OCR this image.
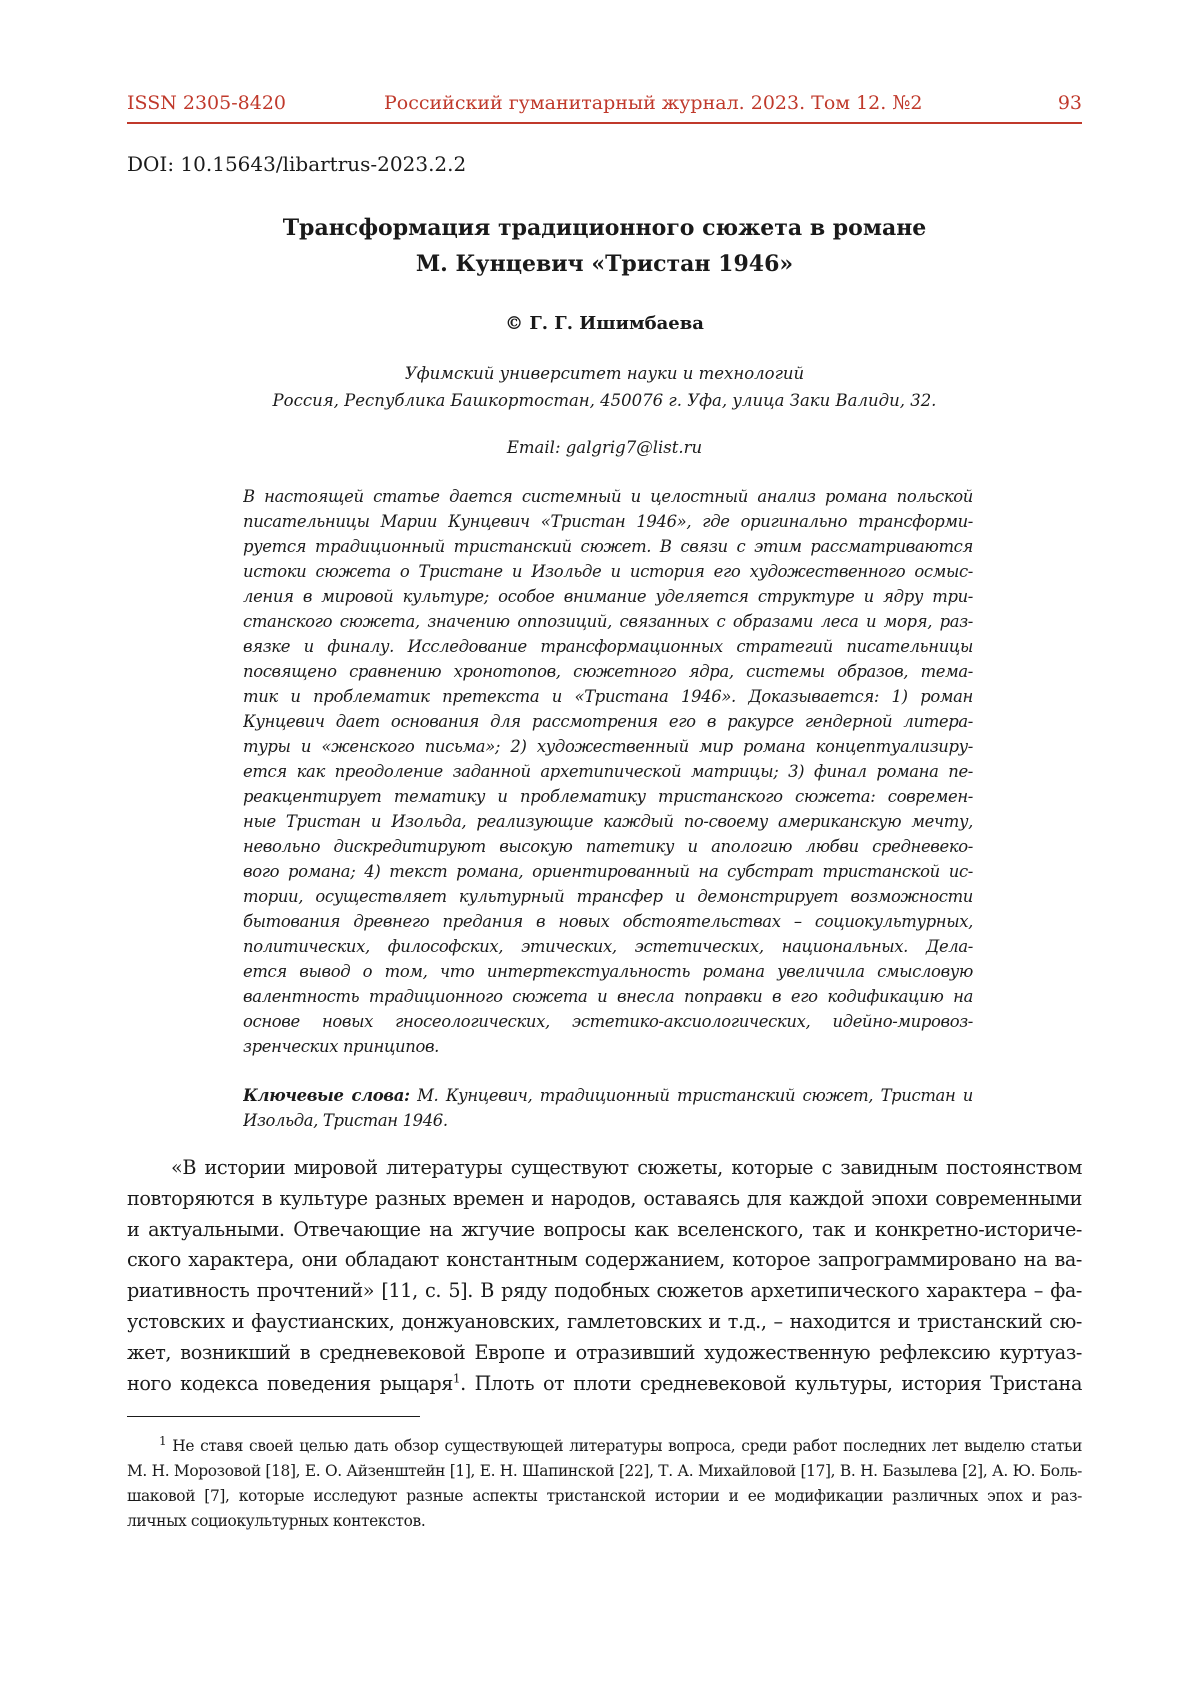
ISSN 2305-8420	Российский гуманитарный журнал. 2023. Том 12. №2	93
DOI: 10.15643/libartrus-2023.2.2
Трансформация традиционного сюжета в романе
М. Кунцевич «Тристан 1946»
© Г. Г. Ишимбаева
Уфимский университет науки и технологий
Россия, Республика Башкортостан, 450076 г. Уфа, улица Заки Валиди, 32.
Email: galgrig7@list.ru
В настоящей статье дается системный и целостный анализ романа польской
писательницы Марии Кунцевич «Тристан 1946», где оригинально трансформи-
руется традиционный тристанский сюжет. В связи с этим рассматриваются
истоки сюжета о Тристане и Изольде и история его художественного осмыс-
ления в мировой культуре; особое внимание уделяется структуре и ядру три-
станского сюжета, значению оппозиций, связанных с образами леса и моря, раз-
вязке и финалу. Исследование трансформационных стратегий писательницы
посвящено сравнению хронотопов, сюжетного ядра, системы образов, тема-
тик и проблематик претекста и «Тристана 1946». Доказывается: 1) роман
Кунцевич дает основания для рассмотрения его в ракурсе гендерной литера-
туры и «женского письма»; 2) художественный мир романа концептуализиру-
ется как преодоление заданной архетипической матрицы; 3) финал романа пе-
реакцентирует тематику и проблематику тристанского сюжета: современ-
ные Тристан и Изольда, реализующие каждый по-своему американскую мечту,
невольно дискредитируют высокую патетику и апологию любви средневеко-
вого романа; 4) текст романа, ориентированный на субстрат тристанской ис-
тории, осуществляет культурный трансфер и демонстрирует возможности
бытования древнего предания в новых обстоятельствах – социокультурных,
политических, философских, этических, эстетических, национальных. Дела-
ется вывод о том, что интертекстуальность романа увеличила смысловую
валентность традиционного сюжета и внесла поправки в его кодификацию на
основе новых гносеологических, эстетико-аксиологических, идейно-мировоз-
зренческих принципов.
Ключевые слова: М. Кунцевич, традиционный тристанский сюжет, Тристан и
Изольда, Тристан 1946.
«В истории мировой литературы существуют сюжеты, которые с завидным постоянством
повторяются в культуре разных времен и народов, оставаясь для каждой эпохи современными
и актуальными. Отвечающие на жгучие вопросы как вселенского, так и конкретно-историче-
ского характера, они обладают константным содержанием, которое запрограммировано на ва-
риативность прочтений» [11, с. 5]. В ряду подобных сюжетов архетипического характера – фа-
устовских и фаустианских, донжуановских, гамлетовских и т.д., – находится и тристанский сю-
жет, возникший в средневековой Европе и отразивший художественную рефлексию куртуаз-
ного кодекса поведения рыцаря$^1$. Плоть от плоти средневековой культуры, история Тристана
$^1$ Не ставя своей целью дать обзор существующей литературы вопроса, среди работ последних лет выделю статьи
М. Н. Морозовой [18], Е. О. Айзенштейн [1], Е. Н. Шапинской [22], Т. А. Михайловой [17], В. Н. Базылева [2], А. Ю. Боль-
шаковой [7], которые исследуют разные аспекты тристанской истории и ее модификации различных эпох и раз-
личных социокультурных контекстов.
